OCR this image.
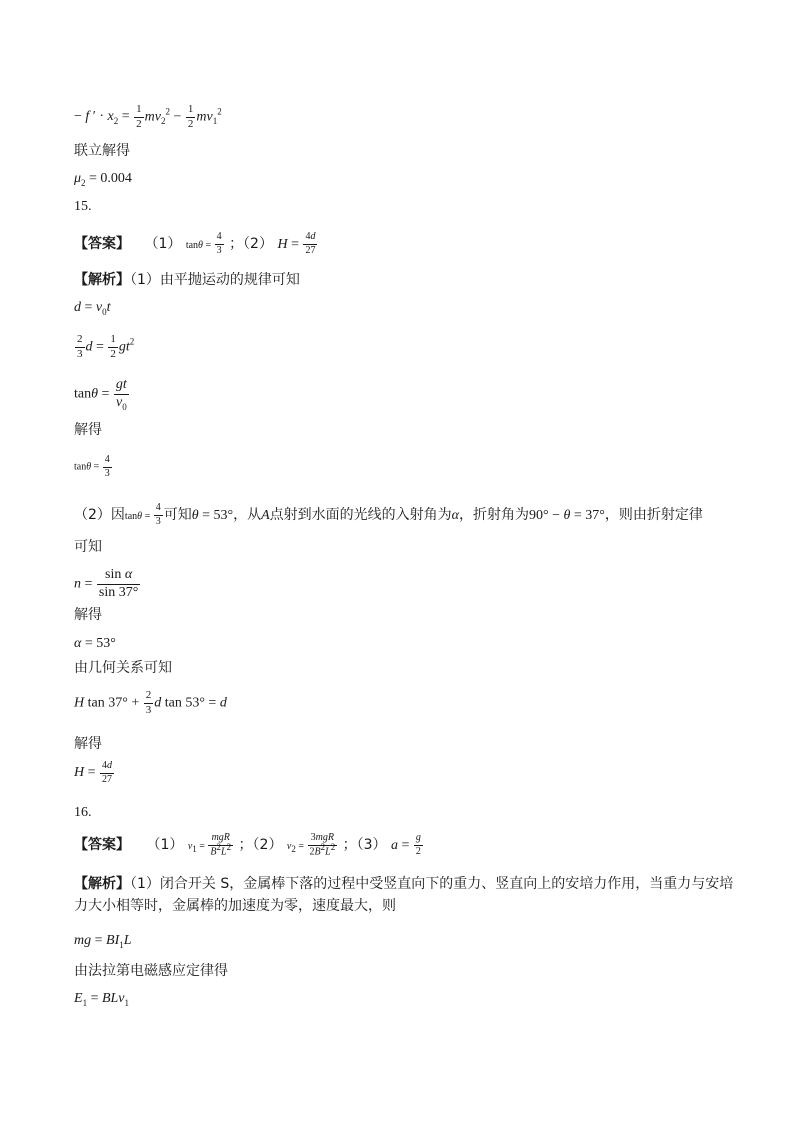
− f ′ · $x_2 = \frac{1}{2} mv_2^2 - \frac{1}{2} mv_1^2$
联立解得
$\mu_2 = 0.004$
15.
【答案】 （1） $\tan\theta = \frac{4}{3}$ ；（2） $H = \frac{4d}{27}$
【解析】（1）由平抛运动的规律可知
$d = v_0t$
$\frac{2}{3}$ $d = \frac{1}{2} gt^2$
$\tan\theta = \frac{gt}{v_0}$
解得
$\tan\theta = \frac{4}{3}$
（2）因$\tan\theta = \frac{4}{3}$ 可知θ = 53°，从A点射到水面的光线的入射角为α，折射角为90° − θ = 37°，则由折射定律
可知
$n = \frac{\text{sin α}}{\sin 37^\circ}$
解得
α = 53°
由几何关系可知
H $\tan 37^\circ + \frac{2}{3}$ d tan 53° = d
解得
$H = \frac{4d}{27}$
16.
【答案】 （1） $v_1 = \frac{\text{mgR}}{B^2L^2}$ ；（2） $v_2 = \frac{\text{3mgR}}{2B^2L^2}$ ；（3） $a = \frac{g}{2}$
【解析】（1）闭合开关 S，金属棒下落的过程中受竖直向下的重力、竖直向上的安培力作用，当重力与安培力大小相等时，金属棒的加速度为零，速度最大，则
mg = $BI_1L$
由法拉第电磁感应定律得
$E_1 = BLv_1$
